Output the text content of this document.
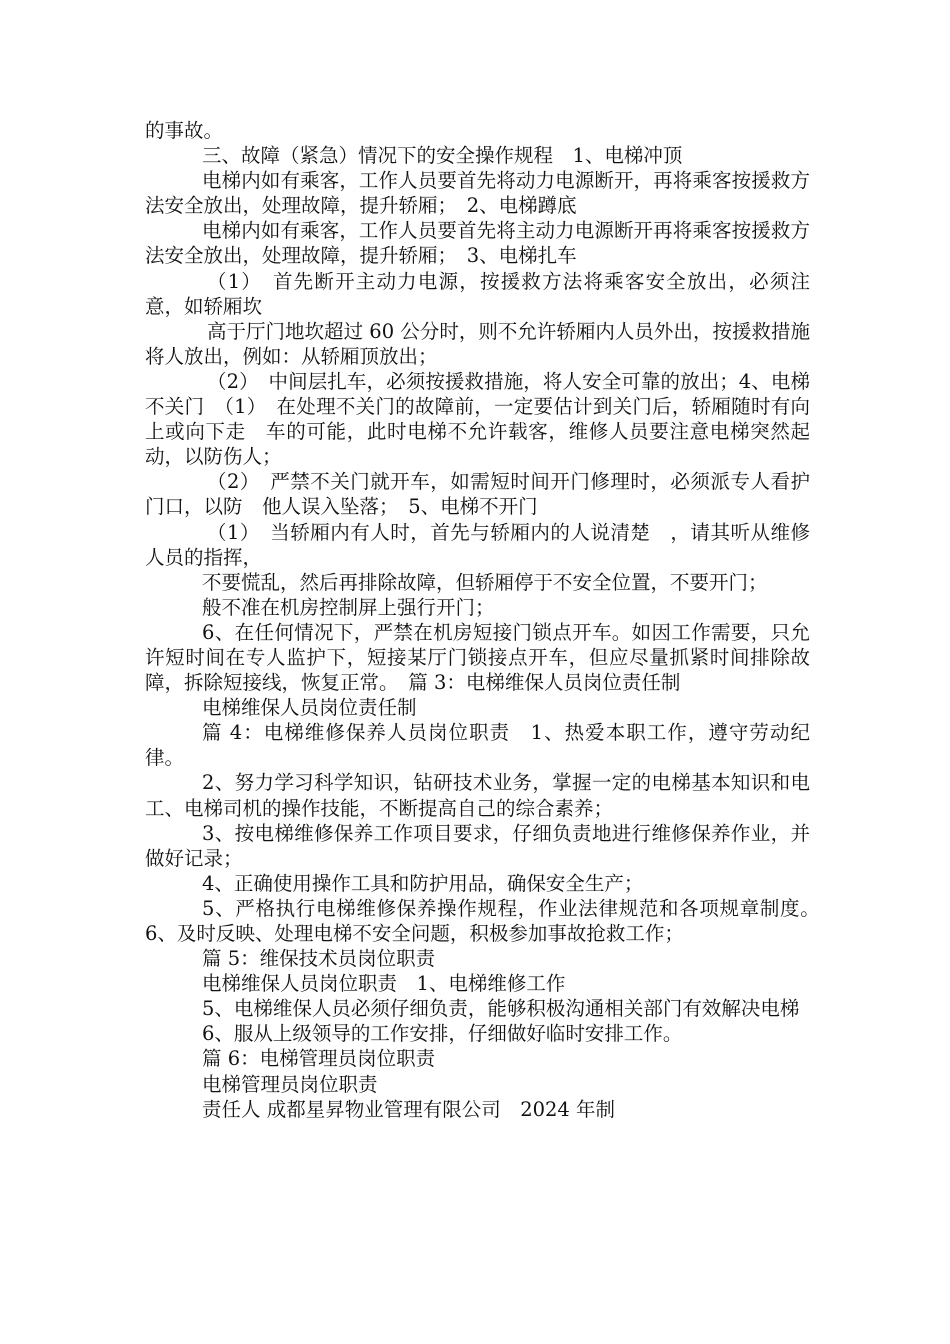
的事故。

三、故障（紧急）情况下的安全操作规程　1、电梯冲顶

电梯内如有乘客，工作人员要首先将动力电源断开，再将乘客按援救方法安全放出，处理故障，提升轿厢；　2、电梯蹲底

电梯内如有乘客，工作人员要首先将主动力电源断开再将乘客按援救方法安全放出，处理故障，提升轿厢；　3、电梯扎车

（1）　首先断开主动力电源，按援救方法将乘客安全放出，必须注意，如轿厢坎

高于厅门地坎超过 60 公分时，则不允许轿厢内人员外出，按援救措施将人放出，例如：从轿厢顶放出；

（2）　中间层扎车，必须按援救措施，将人安全可靠的放出；4、电梯不关门　（1）　在处理不关门的故障前，一定要估计到关门后，轿厢随时有向上或向下走　车的可能，此时电梯不允许载客，维修人员要注意电梯突然起动，以防伤人；

（2）　严禁不关门就开车，如需短时间开门修理时，必须派专人看护门口，以防　他人误入坠落；　5、电梯不开门

（1）　当轿厢内有人时，首先与轿厢内的人说清楚　，请其听从维修人员的指挥，

不要慌乱，然后再排除故障，但轿厢停于不安全位置，不要开门；

般不准在机房控制屏上强行开门；

6、在任何情况下，严禁在机房短接门锁点开车。如因工作需要，只允许短时间在专人监护下，短接某厅门锁接点开车，但应尽量抓紧时间排除故障，拆除短接线，恢复正常。　篇 3：电梯维保人员岗位责任制

电梯维保人员岗位责任制

篇 4：电梯维修保养人员岗位职责　1、热爱本职工作，遵守劳动纪律。

2、努力学习科学知识，钻研技术业务，掌握一定的电梯基本知识和电工、电梯司机的操作技能，不断提高自己的综合素养；

3、按电梯维修保养工作项目要求，仔细负责地进行维修保养作业，并做好记录；

4、正确使用操作工具和防护用品，确保安全生产；

5、严格执行电梯维修保养操作规程，作业法律规范和各项规章制度。　6、及时反映、处理电梯不安全问题，积极参加事故抢救工作；

篇 5：维保技术员岗位职责

电梯维保人员岗位职责　1、电梯维修工作

5、电梯维保人员必须仔细负责，能够积极沟通相关部门有效解决电梯

6、服从上级领导的工作安排，仔细做好临时安排工作。

篇 6：电梯管理员岗位职责

电梯管理员岗位职责

责任人 成都星昇物业管理有限公司　2024 年制
